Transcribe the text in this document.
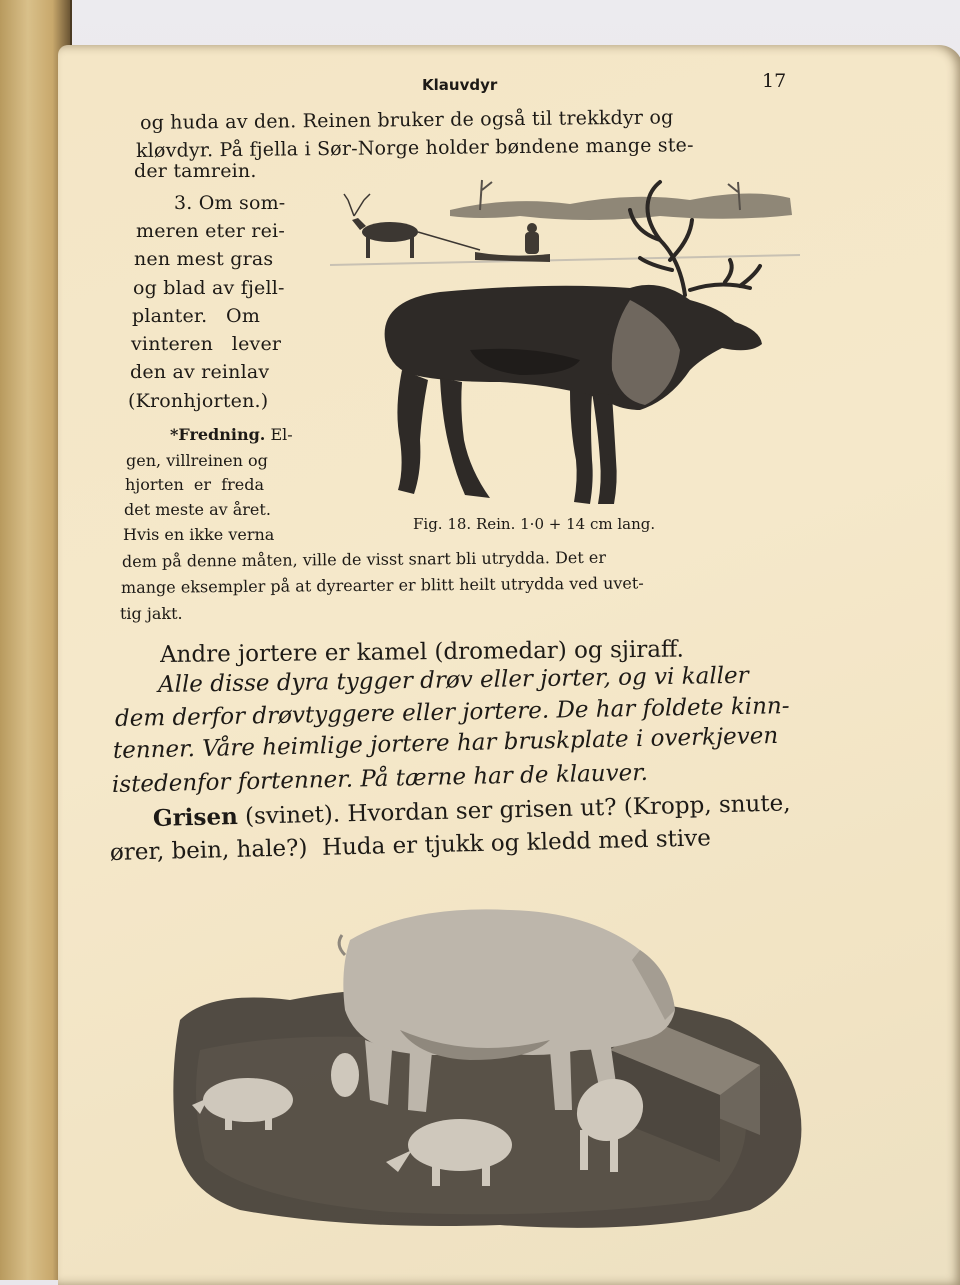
Klauvdyr	17
og huda av den. Reinen bruker de også til trekkdyr og
kløvdyr. På fjella i Sør-Norge holder bøndene mange ste-
der tamrein.
3. Om som-
meren eter rei-
nen mest gras
og blad av fjell-
planter.   Om
vinteren   lever
den av reinlav
(Kronhjorten.)
*Fredning. El-
gen, villreinen og
hjorten  er  freda
det meste av året.
Hvis en ikke verna
Fig. 18. Rein. 1·0 + 14 cm lang.
dem på denne måten, ville de visst snart bli utrydda. Det er
mange eksempler på at dyrearter er blitt heilt utrydda ved uvet-
tig jakt.
Andre jortere er kamel (dromedar) og sjiraff.
Alle disse dyra tygger drøv eller jorter, og vi kaller
dem derfor drøvtyggere eller jortere. De har foldete kinn-
tenner. Våre heimlige jortere har bruskplate i overkjeven
istedenfor fortenner. På tærne har de klauver.
Grisen (svinet). Hvordan ser grisen ut? (Kropp, snute,
ører, bein, hale?)  Huda er tjukk og kledd med stive
